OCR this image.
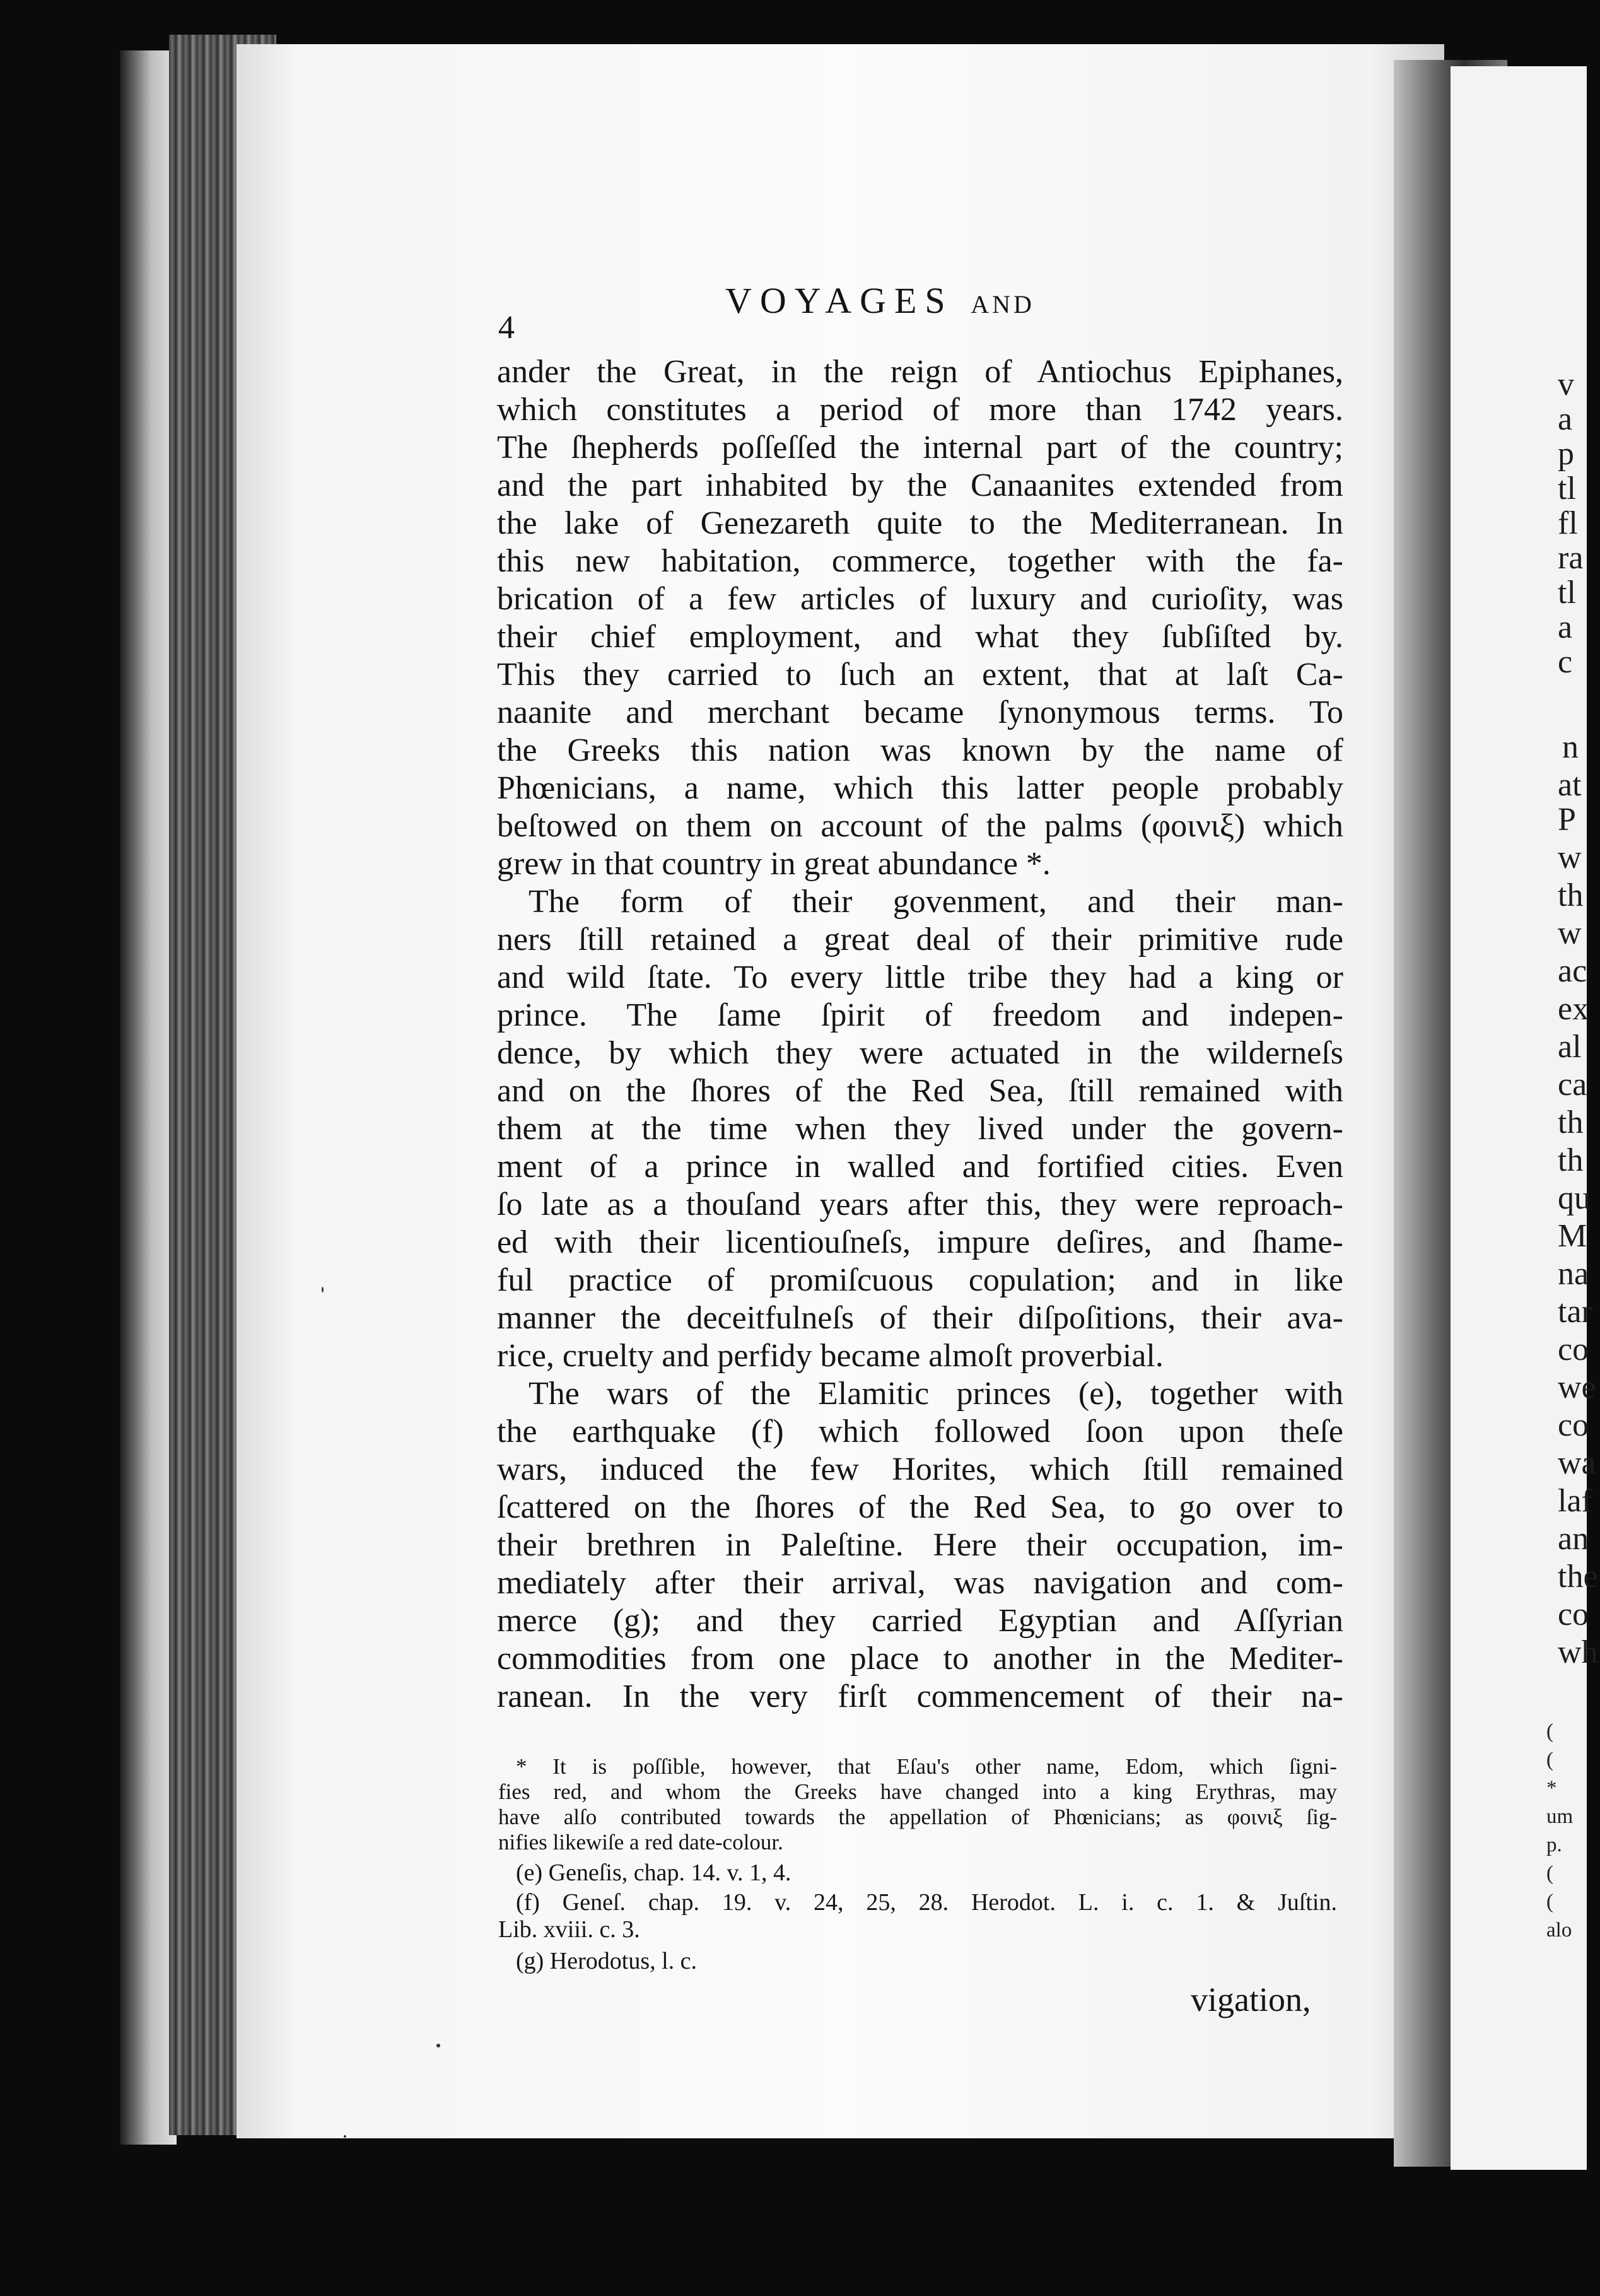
v
a
p
tl
fl
ra
tl
a
c
n
at
P
w
th
w
ac
ex
al
ca
th
th
qu
M
na
tar
co
we
co
wa
laf
an
the
co
wh
(
(
*
um
p.
(
(
alo
VOYAGES AND
4
ander the Great, in the reign of Antiochus Epiphanes,
which constitutes a period of more than 1742 years.
The ſhepherds poſſeſſed the internal part of the country;
and the part inhabited by the Canaanites extended from
the lake of Genezareth quite to the Mediterranean. In
this new habitation, commerce, together with the fa-
brication of a few articles of luxury and curioſity, was
their chief employment, and what they ſubſiſted by.
This they carried to ſuch an extent, that at laſt Ca-
naanite and merchant became ſynonymous terms. To
the Greeks this nation was known by the name of
Phœnicians, a name, which this latter people probably
beſtowed on them on account of the palms (φοινιξ) which
grew in that country in great abundance *.
The form of their govenment, and their man-
ners ſtill retained a great deal of their primitive rude
and wild ſtate. To every little tribe they had a king or
prince. The ſame ſpirit of freedom and indepen-
dence, by which they were actuated in the wilderneſs
and on the ſhores of the Red Sea, ſtill remained with
them at the time when they lived under the govern-
ment of a prince in walled and fortified cities. Even
ſo late as a thouſand years after this, they were reproach-
ed with their licentiouſneſs, impure deſires, and ſhame-
ful practice of promiſcuous copulation; and in like
manner the deceitfulneſs of their diſpoſitions, their ava-
rice, cruelty and perfidy became almoſt proverbial.
The wars of the Elamitic princes (e), together with
the earthquake (f) which followed ſoon upon theſe
wars, induced the few Horites, which ſtill remained
ſcattered on the ſhores of the Red Sea, to go over to
their brethren in Paleſtine. Here their occupation, im-
mediately after their arrival, was navigation and com-
merce (g); and they carried Egyptian and Aſſyrian
commodities from one place to another in the Mediter-
ranean. In the very firſt commencement of their na-
* It is poſſible, however, that Eſau's other name, Edom, which ſigni-
fies red, and whom the Greeks have changed into a king Erythras, may
have alſo contributed towards the appellation of Phœnicians; as φοινιξ ſig-
nifies likewiſe a red date-colour.
(e) Geneſis, chap. 14. v. 1, 4.
(f) Geneſ. chap. 19. v. 24, 25, 28. Herodot. L. i. c. 1. & Juſtin.
Lib. xviii. c. 3.
(g) Herodotus, l. c.
vigation,
